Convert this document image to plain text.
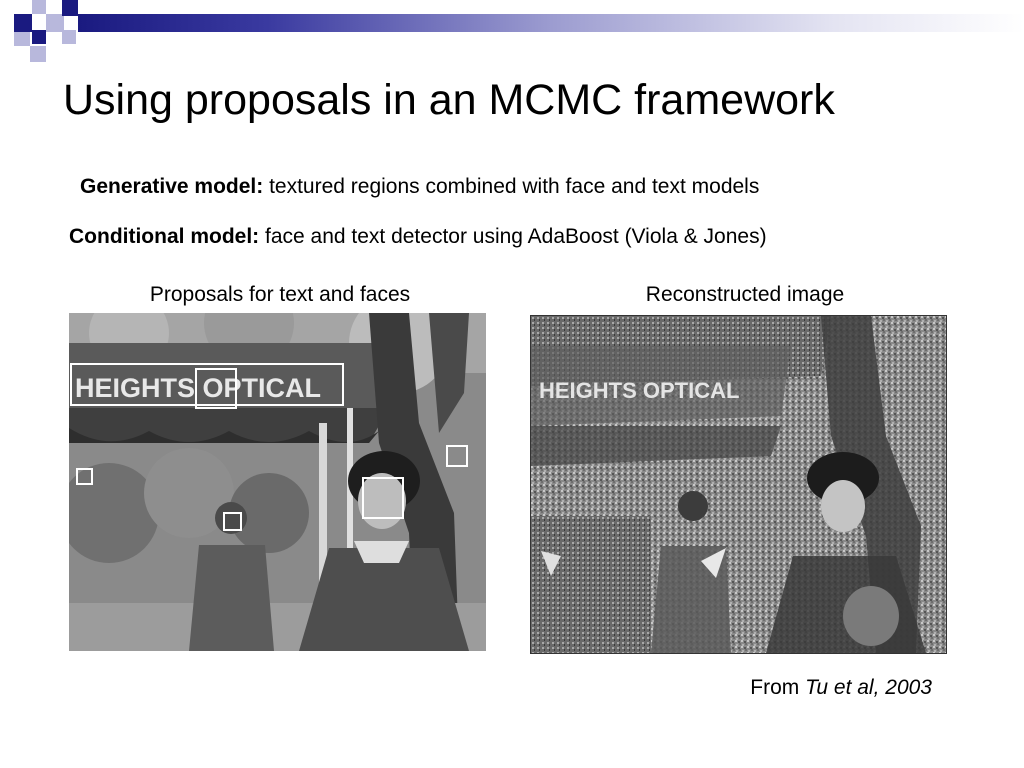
Using proposals in an MCMC framework
Generative model: textured regions combined with face and text models
Conditional model: face and text detector using AdaBoost (Viola & Jones)
Proposals for text and faces	Reconstructed image
HEIGHTS OPTICAL	HEIGHTS OPTICAL
From Tu et al, 2003
